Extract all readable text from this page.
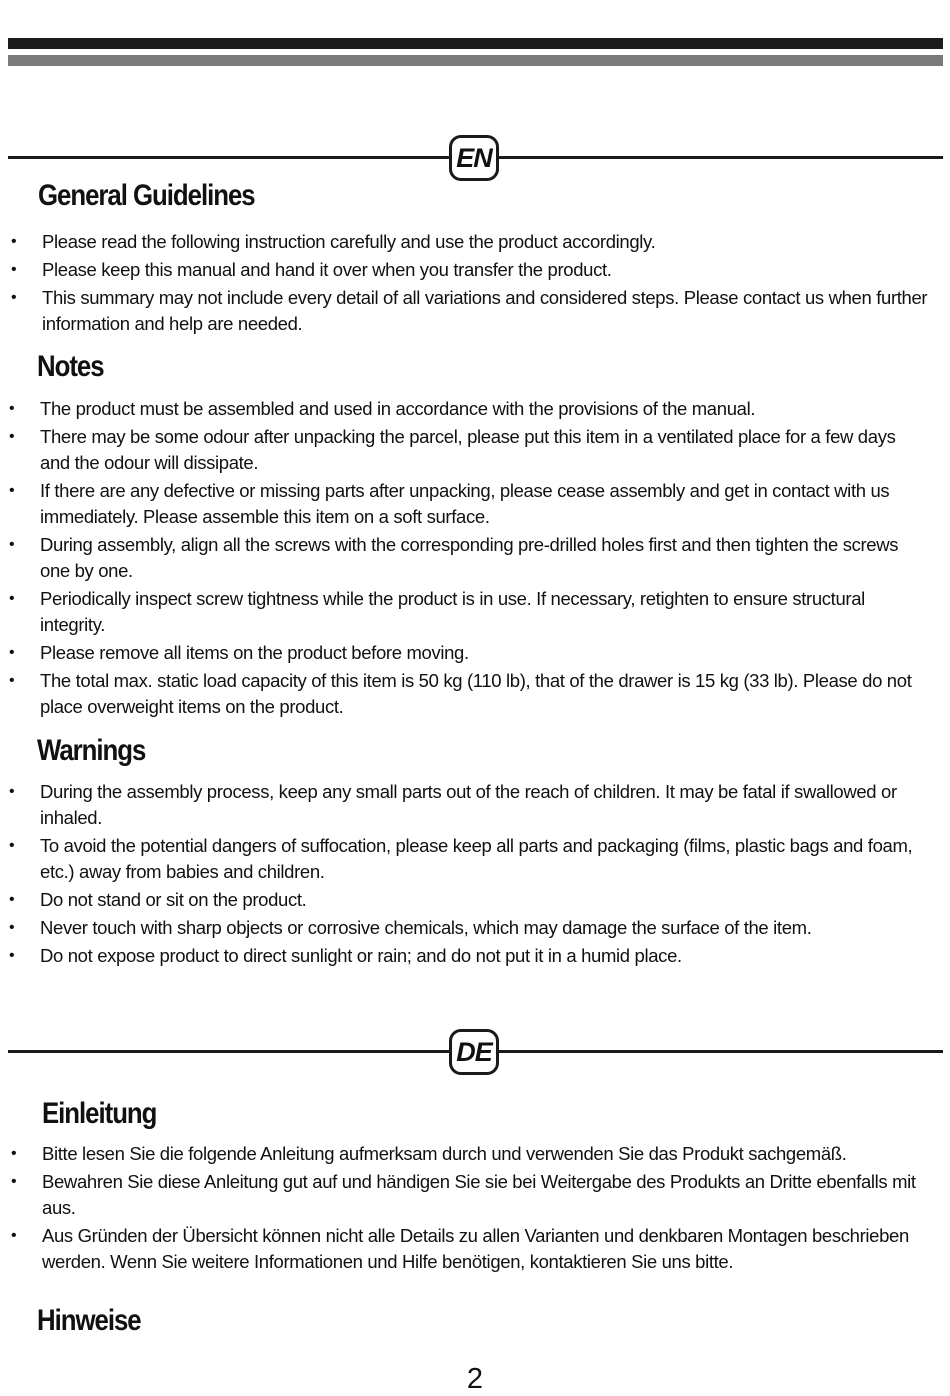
EN
General Guidelines
• Please read the following instruction carefully and use the product accordingly.
• Please keep this manual and hand it over when you transfer the product.
• This summary may not include every detail of all variations and considered steps. Please contact us when further information and help are needed.
Notes
• The product must be assembled and used in accordance with the provisions of the manual.
• There may be some odour after unpacking the parcel, please put this item in a ventilated place for a few days and the odour will dissipate.
• If there are any defective or missing parts after unpacking, please cease assembly and get in contact with us immediately. Please assemble this item on a soft surface.
• During assembly, align all the screws with the corresponding pre-drilled holes first and then tighten the screws one by one.
• Periodically inspect screw tightness while the product is in use. If necessary, retighten to ensure structural integrity.
• Please remove all items on the product before moving.
• The total max. static load capacity of this item is 50 kg (110 lb), that of the drawer is 15 kg (33 lb). Please do not place overweight items on the product.
Warnings
• During the assembly process, keep any small parts out of the reach of children. It may be fatal if swallowed or inhaled.
• To avoid the potential dangers of suffocation, please keep all parts and packaging (films, plastic bags and foam, etc.) away from babies and children.
• Do not stand or sit on the product.
• Never touch with sharp objects or corrosive chemicals, which may damage the surface of the item.
• Do not expose product to direct sunlight or rain; and do not put it in a humid place.
DE
Einleitung
• Bitte lesen Sie die folgende Anleitung aufmerksam durch und verwenden Sie das Produkt sachgemäß.
• Bewahren Sie diese Anleitung gut auf und händigen Sie sie bei Weitergabe des Produkts an Dritte ebenfalls mit aus.
• Aus Gründen der Übersicht können nicht alle Details zu allen Varianten und denkbaren Montagen beschrieben werden. Wenn Sie weitere Informationen und Hilfe benötigen, kontaktieren Sie uns bitte.
Hinweise
2
